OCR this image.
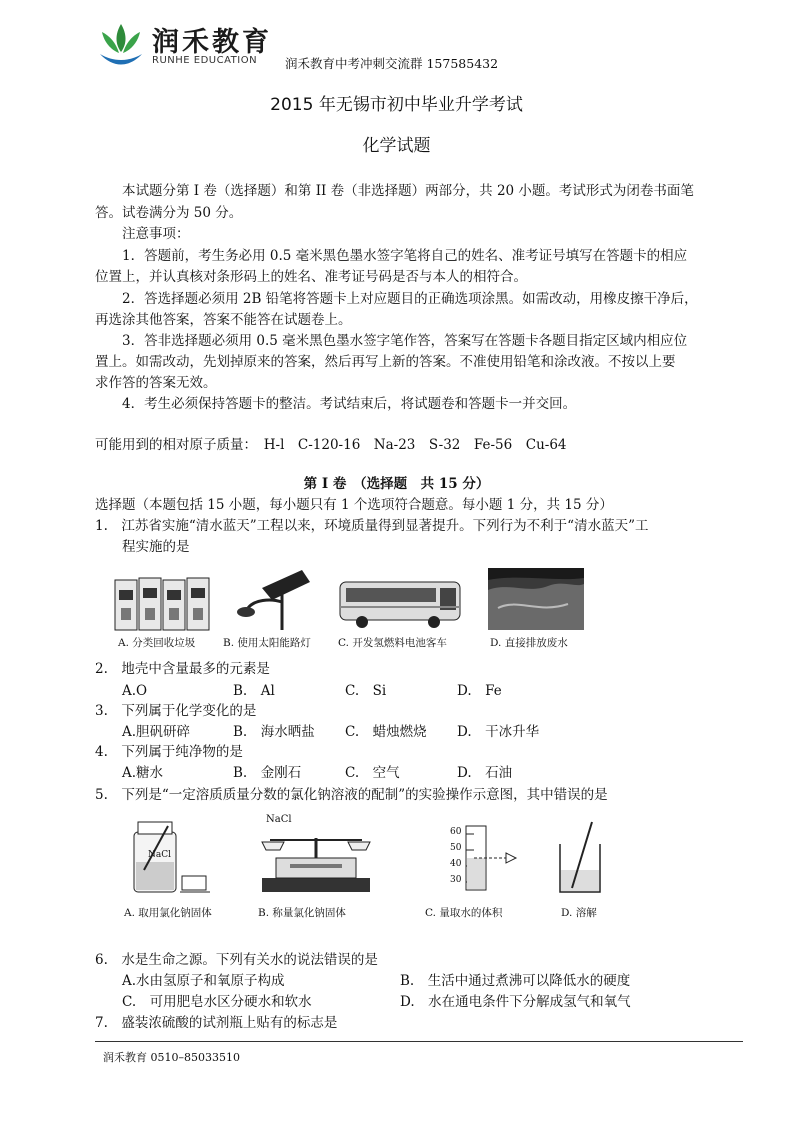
润禾教育
RUNHE EDUCATION 润禾教育中考冲刺交流群 157585432
2015 年无锡市初中毕业升学考试
化学试题
本试题分第 I 卷（选择题）和第 II 卷（非选择题）两部分，共 20 小题。考试形式为闭卷书面笔
答。试卷满分为 50 分。
注意事项：
1．答题前，考生务必用 0.5 毫米黑色墨水签字笔将自己的姓名、准考证号填写在答题卡的相应
位置上，并认真核对条形码上的姓名、准考证号码是否与本人的相符合。
2．答选择题必须用 2B 铅笔将答题卡上对应题目的正确选项涂黑。如需改动，用橡皮擦干净后，
再选涂其他答案，答案不能答在试题卷上。
3．答非选择题必须用 0.5 毫米黑色墨水签字笔作答，答案写在答题卡各题目指定区域内相应位
置上。如需改动，先划掉原来的答案，然后再写上新的答案。不准使用铅笔和涂改液。不按以上要
求作答的答案无效。
4．考生必须保持答题卡的整洁。考试结束后，将试题卷和答题卡一并交回。
可能用到的相对原子质量：　H-l　C-120-16　Na-23　S-32　Fe-56　Cu-64
第 I 卷　（选择题　共 15 分）
选择题（本题包括 15 小题，每小题只有 1 个选项符合题意。每小题 1 分，共 15 分）
1.　江苏省实施“清水蓝天”工程以来，环境质量得到显著提升。下列行为不利于“清水蓝天”工
程实施的是
A. 分类回收垃圾	B. 使用太阳能路灯	C. 开发氢燃料电池客车	D. 直接排放废水
2.　地壳中含量最多的元素是
A.O	B.　Al	C.　Si	D.　Fe
3.　下列属于化学变化的是
A.胆矾研碎	B.　海水晒盐 C.　蜡烛燃烧 D.　干冰升华
4.　下列属于纯净物的是
A.糖水	B.　金刚石	C.　空气	D.　石油
5.　下列是“一定溶质质量分数的氯化钠溶液的配制”的实验操作示意图，其中错误的是
NaCl
NaCl
60
50
40
30
A. 取用氯化钠固体	B. 称量氯化钠固体	C. 量取水的体积	D. 溶解
6.　水是生命之源。下列有关水的说法错误的是
A.水由氢原子和氧原子构成	B.　生活中通过煮沸可以降低水的硬度
C.　可用肥皂水区分硬水和软水	D.　水在通电条件下分解成氢气和氧气
7.　盛装浓硫酸的试剂瓶上贴有的标志是
润禾教育 0510–85033510
